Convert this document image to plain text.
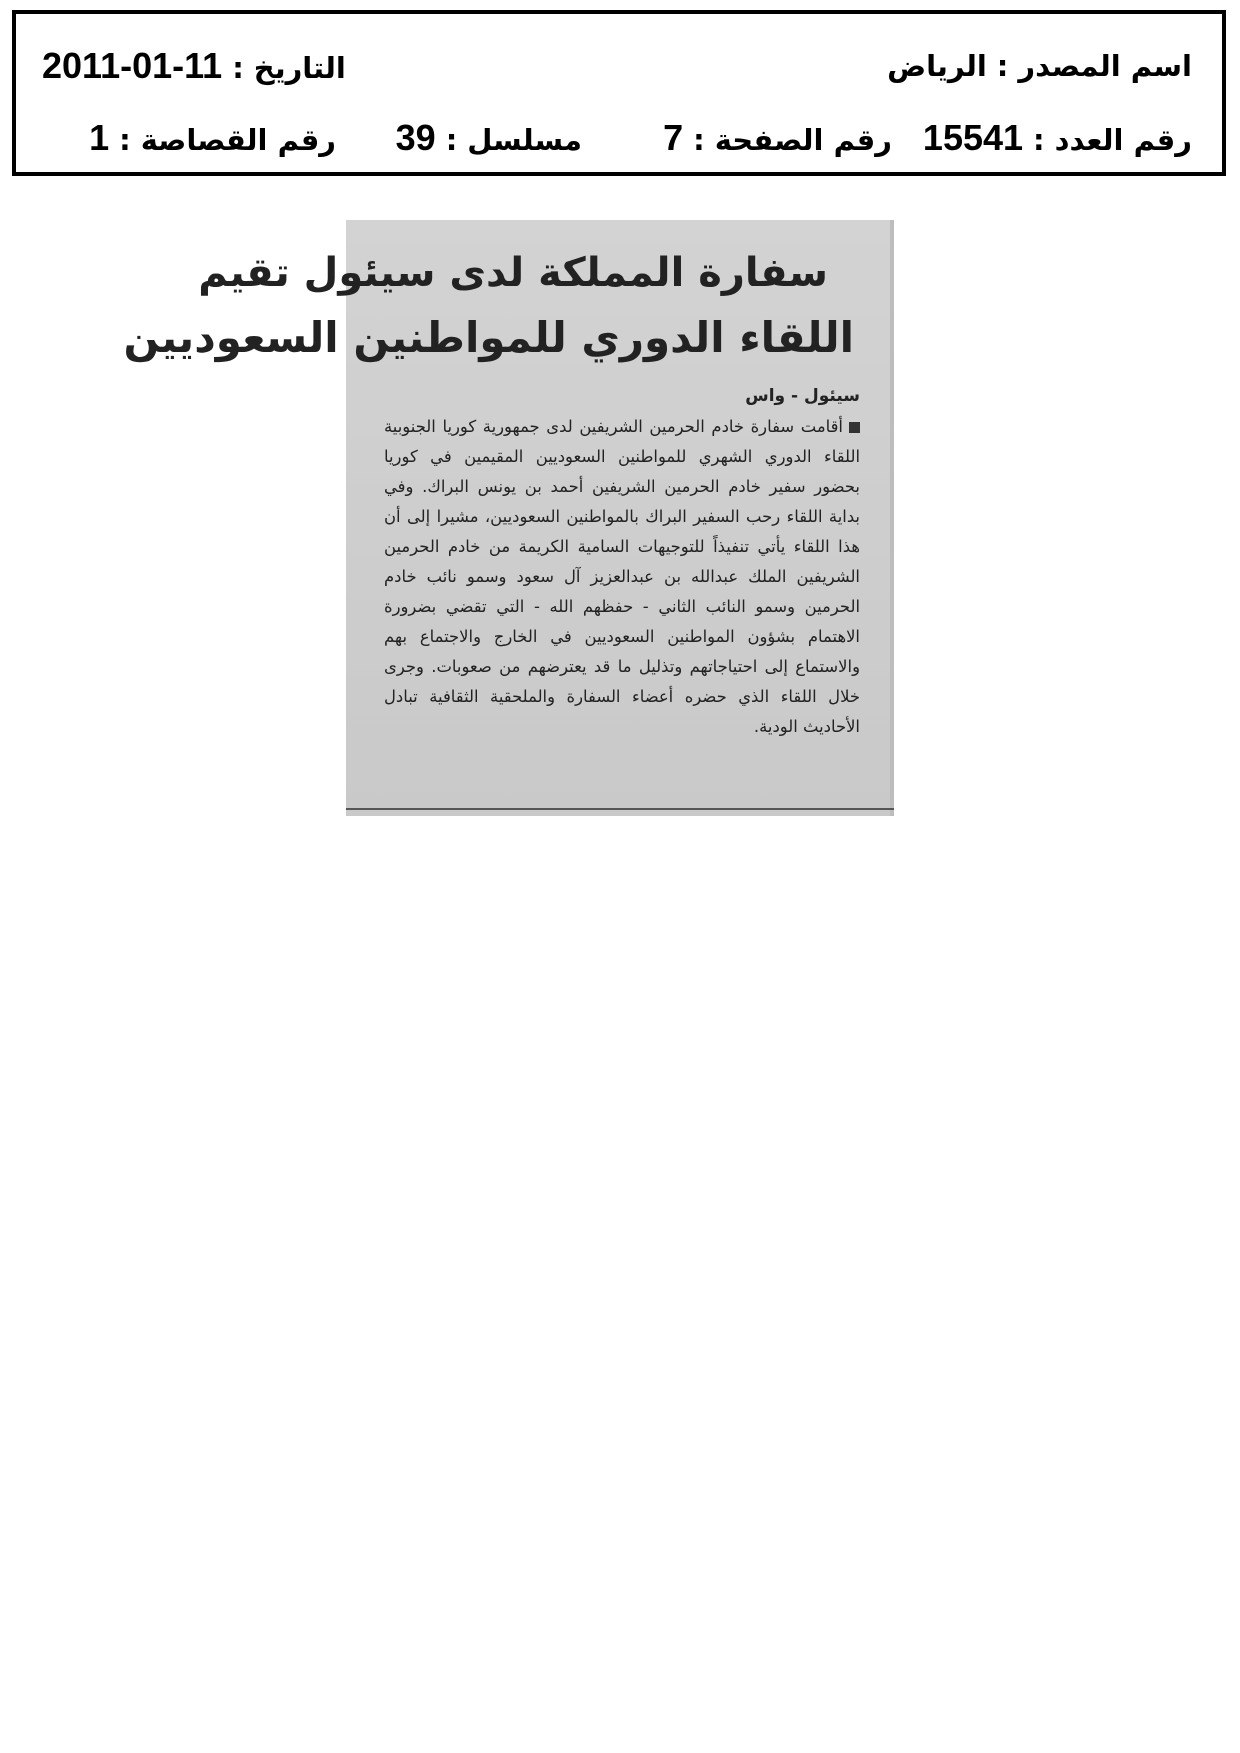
اسم المصدر:الرياض
التاريخ:2011-01-11
رقم العدد:15541
رقم الصفحة:7
مسلسل:39
رقم القصاصة:1
سفارة المملكة لدى سيئول تقيم
اللقاء الدوري للمواطنين السعوديين
سيئول - واس
أقامت سفارة خادم الحرمين الشريفين لدى جمهورية كوريا الجنوبية اللقاء الدوري الشهري للمواطنين السعوديين المقيمين في كوريا بحضور سفير خادم الحرمين الشريفين أحمد بن يونس البراك. وفي بداية اللقاء رحب السفير البراك بالمواطنين السعوديين، مشيرا إلى أن هذا اللقاء يأتي تنفيذاً للتوجيهات السامية الكريمة من خادم الحرمين الشريفين الملك عبدالله بن عبدالعزيز آل سعود وسمو نائب خادم الحرمين وسمو النائب الثاني - حفظهم الله - التي تقضي بضرورة الاهتمام بشؤون المواطنين السعوديين في الخارج والاجتماع بهم والاستماع إلى احتياجاتهم وتذليل ما قد يعترضهم من صعوبات. وجرى خلال اللقاء الذي حضره أعضاء السفارة والملحقية الثقافية تبادل الأحاديث الودية.
